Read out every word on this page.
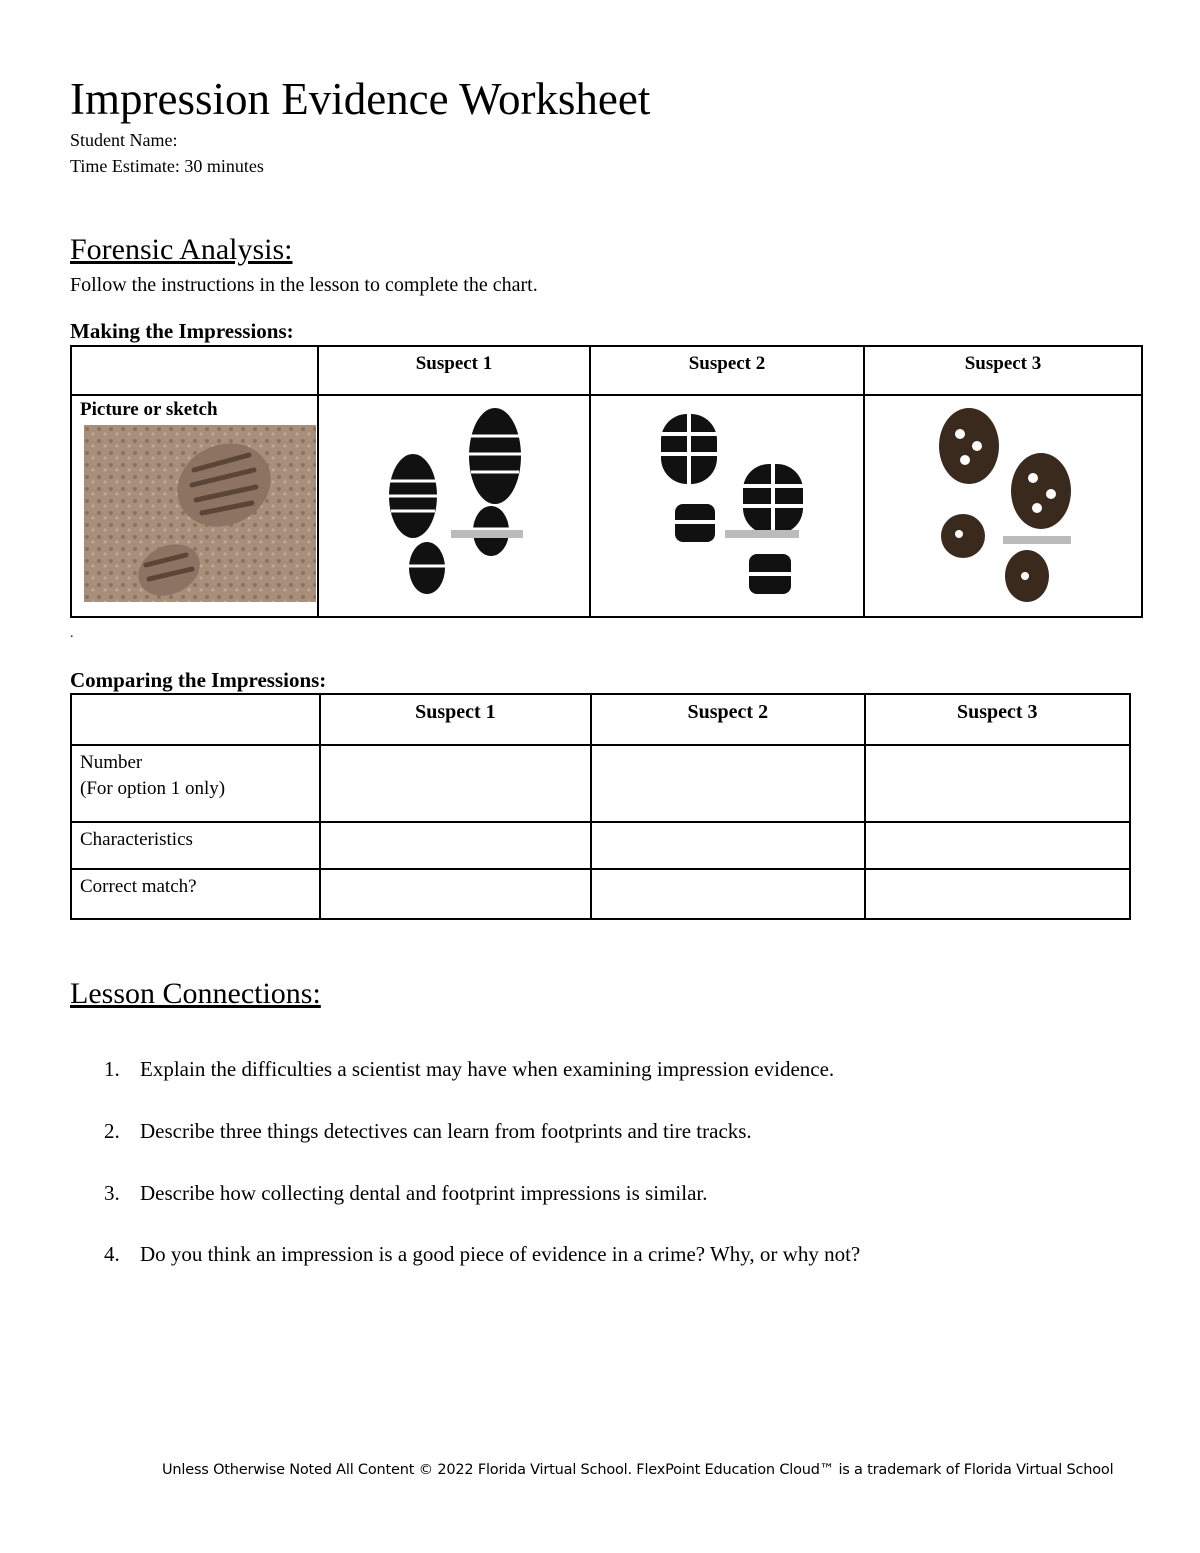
Impression Evidence Worksheet
Student Name:
Time Estimate: 30 minutes
Forensic Analysis:
Follow the instructions in the lesson to complete the chart.
Making the Impressions:
	Suspect 1	Suspect 2	Suspect 3

Picture or sketch

.
Comparing the Impressions:
	Suspect 1	Suspect 2	Suspect 3

Number
(For option 1 only)			

Characteristics			

Correct match?			

Lesson Connections:
1. Explain the difficulties a scientist may have when examining impression evidence.
2. Describe three things detectives can learn from footprints and tire tracks.
3. Describe how collecting dental and footprint impressions is similar.
4. Do you think an impression is a good piece of evidence in a crime? Why, or why not?
Unless Otherwise Noted All Content © 2022 Florida Virtual School. FlexPoint Education Cloud™ is a trademark of Florida Virtual School
